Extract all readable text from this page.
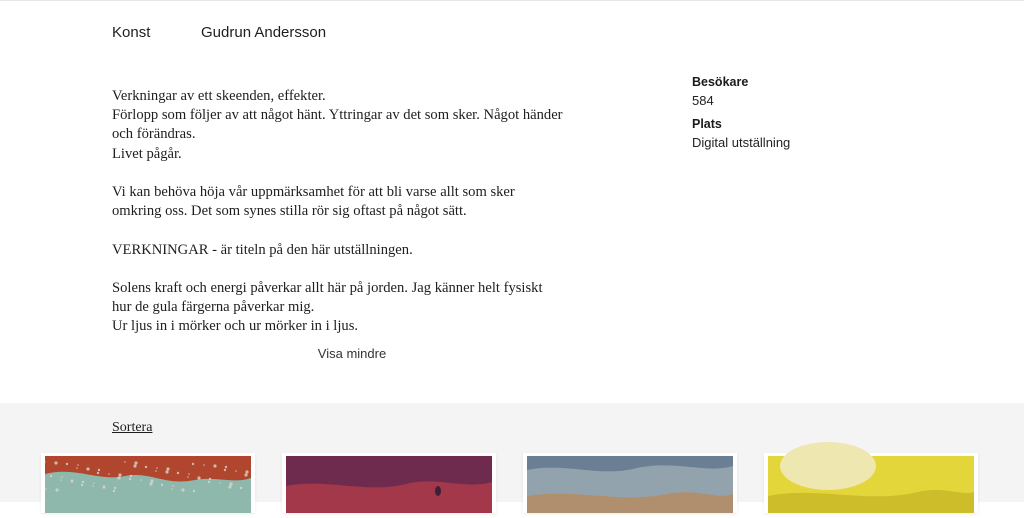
Konst	Gudrun Andersson

Verkningar av ett skeenden, effekter.
Förlopp som följer av att något hänt. Yttringar av det som sker. Något händer
och förändras.
Livet pågår.

Vi kan behöva höja vår uppmärksamhet för att bli varse allt som sker
omkring oss. Det som synes stilla rör sig oftast på något sätt.

VERKNINGAR - är titeln på den här utställningen.

Solens kraft och energi påverkar allt här på jorden. Jag känner helt fysiskt
hur de gula färgerna påverkar mig.
Ur ljus in i mörker och ur mörker in i ljus.

Visa mindre
Besökare
584
Plats
Digital utställning
Sortera
